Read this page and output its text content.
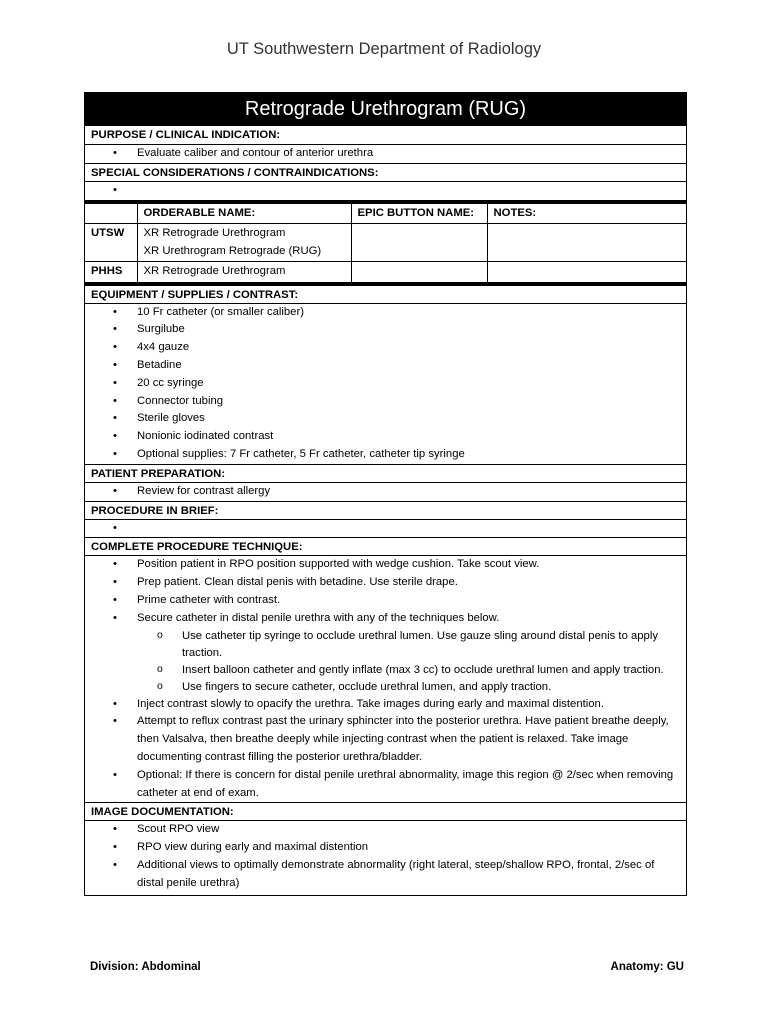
UT Southwestern Department of Radiology
Retrograde Urethrogram (RUG)
PURPOSE / CLINICAL INDICATION:
• Evaluate caliber and contour of anterior urethra
SPECIAL CONSIDERATIONS / CONTRAINDICATIONS:
•
	ORDERABLE NAME:	EPIC BUTTON NAME:	NOTES:
UTSW	XR Retrograde Urethrogram
XR Urethrogram Retrograde (RUG)		

PHHS	XR Retrograde Urethrogram		
EQUIPMENT / SUPPLIES / CONTRAST:
• 10 Fr catheter (or smaller caliber)
• Surgilube
• 4x4 gauze
• Betadine
• 20 cc syringe
• Connector tubing
• Sterile gloves
• Nonionic iodinated contrast
• Optional supplies: 7 Fr catheter, 5 Fr catheter, catheter tip syringe
PATIENT PREPARATION:
• Review for contrast allergy
PROCEDURE IN BRIEF:
•
COMPLETE PROCEDURE TECHNIQUE:
• Position patient in RPO position supported with wedge cushion. Take scout view.
• Prep patient. Clean distal penis with betadine. Use sterile drape.
• Prime catheter with contrast.
• Secure catheter in distal penile urethra with any of the techniques below.
o Use catheter tip syringe to occlude urethral lumen. Use gauze sling around distal penis to apply traction.
o Insert balloon catheter and gently inflate (max 3 cc) to occlude urethral lumen and apply traction.
o Use fingers to secure catheter, occlude urethral lumen, and apply traction.
• Inject contrast slowly to opacify the urethra. Take images during early and maximal distention.
• Attempt to reflux contrast past the urinary sphincter into the posterior urethra. Have patient breathe deeply, then Valsalva, then breathe deeply while injecting contrast when the patient is relaxed. Take image documenting contrast filling the posterior urethra/bladder.
• Optional: If there is concern for distal penile urethral abnormality, image this region @ 2/sec when removing catheter at end of exam.
IMAGE DOCUMENTATION:
• Scout RPO view
• RPO view during early and maximal distention
• Additional views to optimally demonstrate abnormality (right lateral, steep/shallow RPO, frontal, 2/sec of distal penile urethra)
Division: Abdominal	Anatomy: GU
